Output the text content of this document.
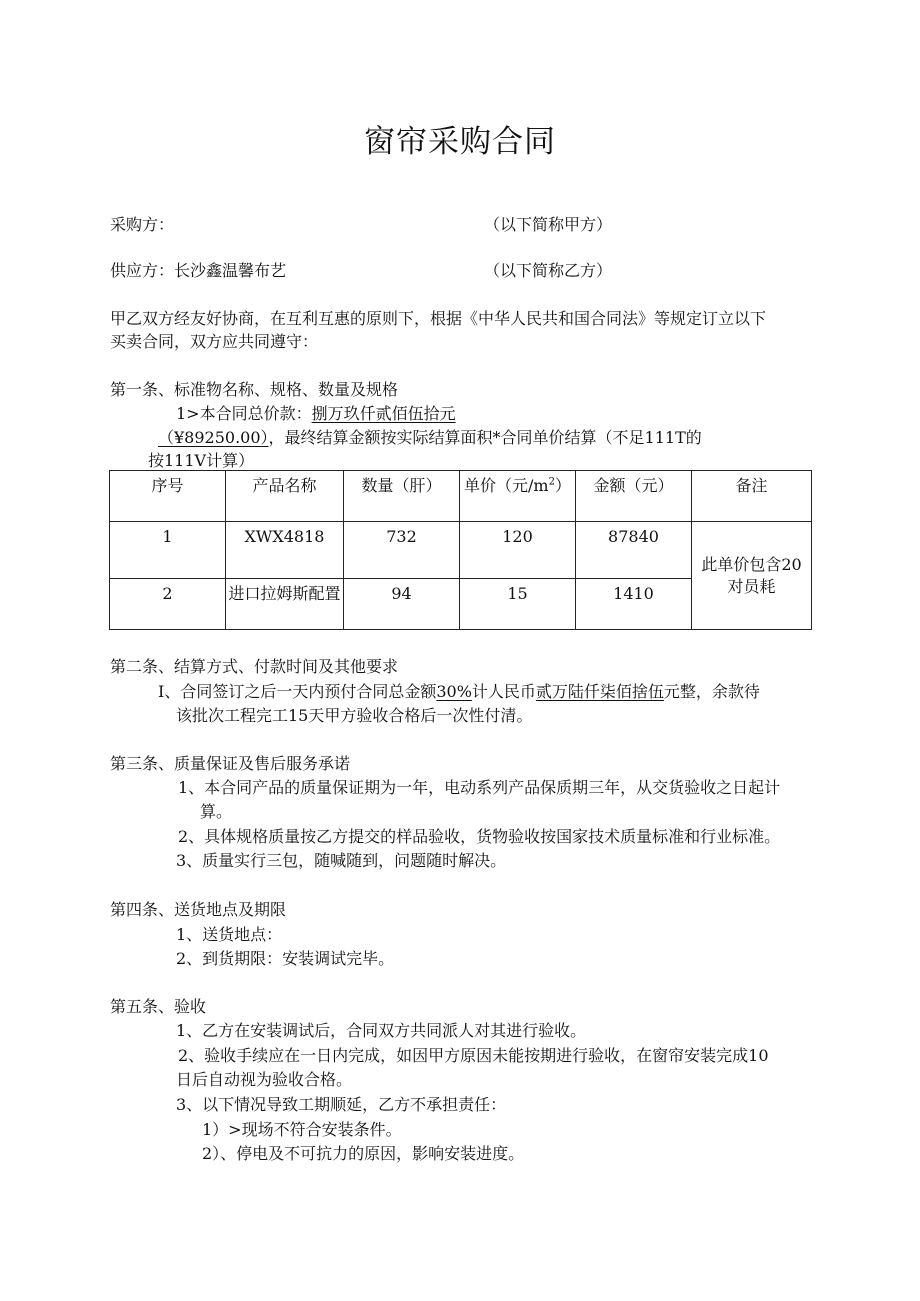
窗帘采购合同
采购方：	（以下简称甲方）
供应方：长沙鑫温馨布艺	（以下简称乙方）
甲乙双方经友好协商，在互利互惠的原则下，根据《中华人民共和国合同法》等规定订立以下
买卖合同，双方应共同遵守：
第一条、标准物名称、规格、数量及规格
1>本合同总价款：捌万玖仟贰佰伍拾元
（¥89250.00），最终结算金额按实际结算面积*合同单价结算（不足111T的
按111V计算）
序号	产品名称	数量（肝）	单价（元$/m^2$）	金额（元）	备注
1	XWX4818	732	120	87840	此单价包含20对员耗
2	进口拉姆斯配置	94	15	1410	
第二条、结算方式、付款时间及其他要求
I、合同签订之后一天内预付合同总金额30%计人民币贰万陆仟柒佰捨伍元整，余款待
该批次工程完工15天甲方验收合格后一次性付清。
第三条、质量保证及售后服务承诺
1、本合同产品的质量保证期为一年，电动系列产品保质期三年，从交货验收之日起计
算。
2、具体规格质量按乙方提交的样品验收，货物验收按国家技术质量标准和行业标准。
3、质量实行三包，随喊随到，问题随时解决。
第四条、送货地点及期限
1、送货地点：
2、到货期限：安装调试完毕。
第五条、验收
1、乙方在安装调试后，合同双方共同派人对其进行验收。
2、验收手续应在一日内完成，如因甲方原因未能按期进行验收，在窗帘安装完成10
日后自动视为验收合格。
3、以下情况导致工期顺延，乙方不承担责任：
1）>现场不符合安装条件。
2）、停电及不可抗力的原因，影响安装进度。
